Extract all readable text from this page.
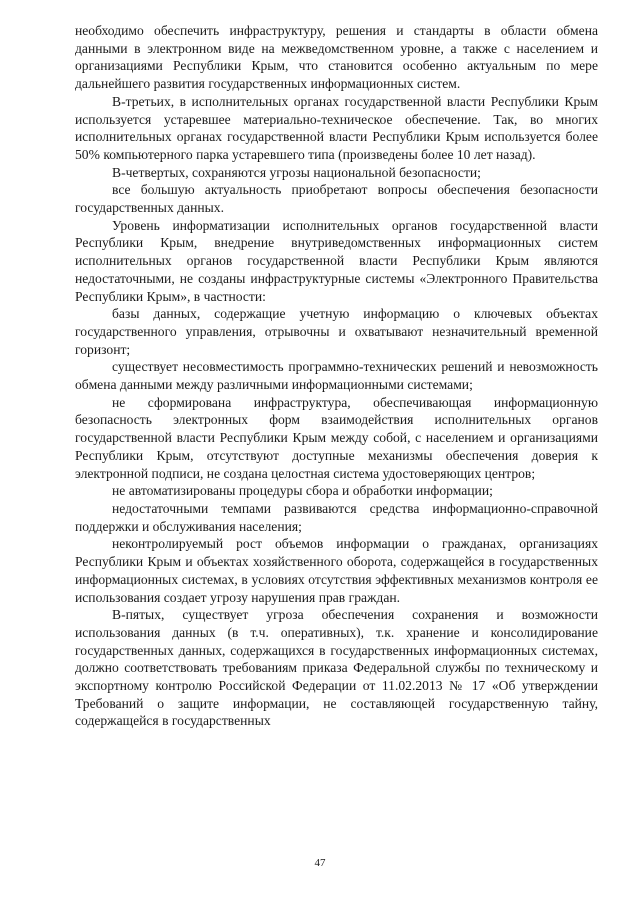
необходимо обеспечить инфраструктуру, решения и стандарты в области обмена данными в электронном виде на межведомственном уровне, а также с населением и организациями Республики Крым, что становится особенно актуальным по мере дальнейшего развития государственных информационных систем.

В-третьих, в исполнительных органах государственной власти Республики Крым используется устаревшее материально-техническое обеспечение. Так, во многих исполнительных органах государственной власти Республики Крым используется более 50% компьютерного парка устаревшего типа (произведены более 10 лет назад).

В-четвертых, сохраняются угрозы национальной безопасности;

все большую актуальность приобретают вопросы обеспечения безопасности государственных данных.

Уровень информатизации исполнительных органов государственной власти Республики Крым, внедрение внутриведомственных информационных систем исполнительных органов государственной власти Республики Крым являются недостаточными, не созданы инфраструктурные системы «Электронного Правительства Республики Крым», в частности:

базы данных, содержащие учетную информацию о ключевых объектах государственного управления, отрывочны и охватывают незначительный временной горизонт;

существует несовместимость программно-технических решений и невозможность обмена данными между различными информационными системами;

не сформирована инфраструктура, обеспечивающая информационную безопасность электронных форм взаимодействия исполнительных органов государственной власти Республики Крым между собой, с населением и организациями Республики Крым, отсутствуют доступные механизмы обеспечения доверия к электронной подписи, не создана целостная система удостоверяющих центров;

не автоматизированы процедуры сбора и обработки информации;

недостаточными темпами развиваются средства информационно-справочной поддержки и обслуживания населения;

неконтролируемый рост объемов информации о гражданах, организациях Республики Крым и объектах хозяйственного оборота, содержащейся в государственных информационных системах, в условиях отсутствия эффективных механизмов контроля ее использования создает угрозу нарушения прав граждан.

В-пятых, существует угроза обеспечения сохранения и возможности использования данных (в т.ч. оперативных), т.к. хранение и консолидирование государственных данных, содержащихся в государственных информационных системах, должно соответствовать требованиям приказа Федеральной службы по техническому и экспортному контролю Российской Федерации от 11.02.2013 № 17 «Об утверждении Требований о защите информации, не составляющей государственную тайну, содержащейся в государственных

47
